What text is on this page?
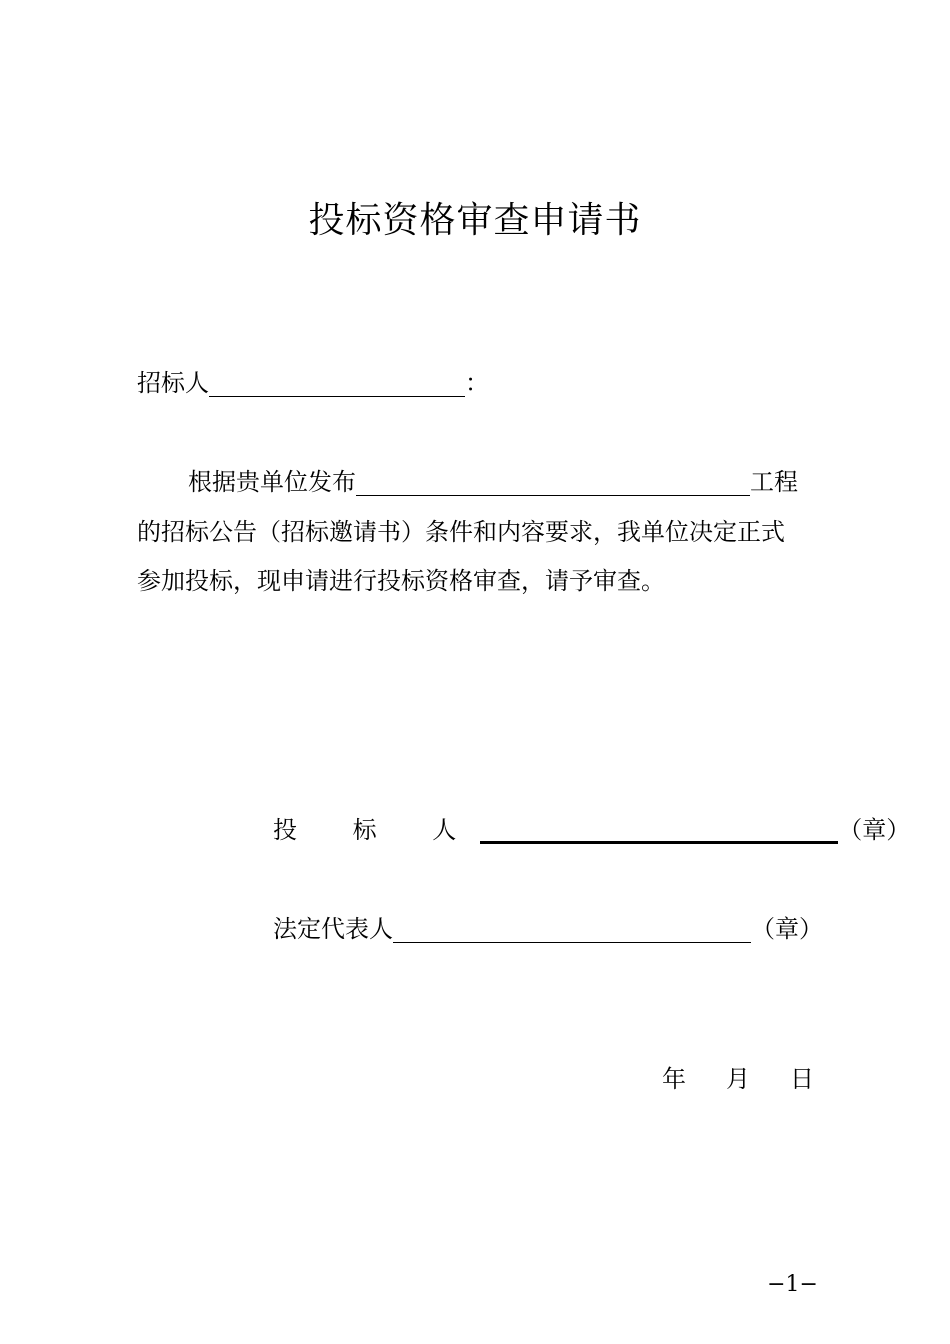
投标资格审查申请书
招标人	：
根据贵单位发布	工程
的招标公告（招标邀请书）条件和内容要求，我单位决定正式
参加投标，现申请进行投标资格审查，请予审查。
投 标 人	（章）
法定代表人	（章）
年 月 日
−1−
